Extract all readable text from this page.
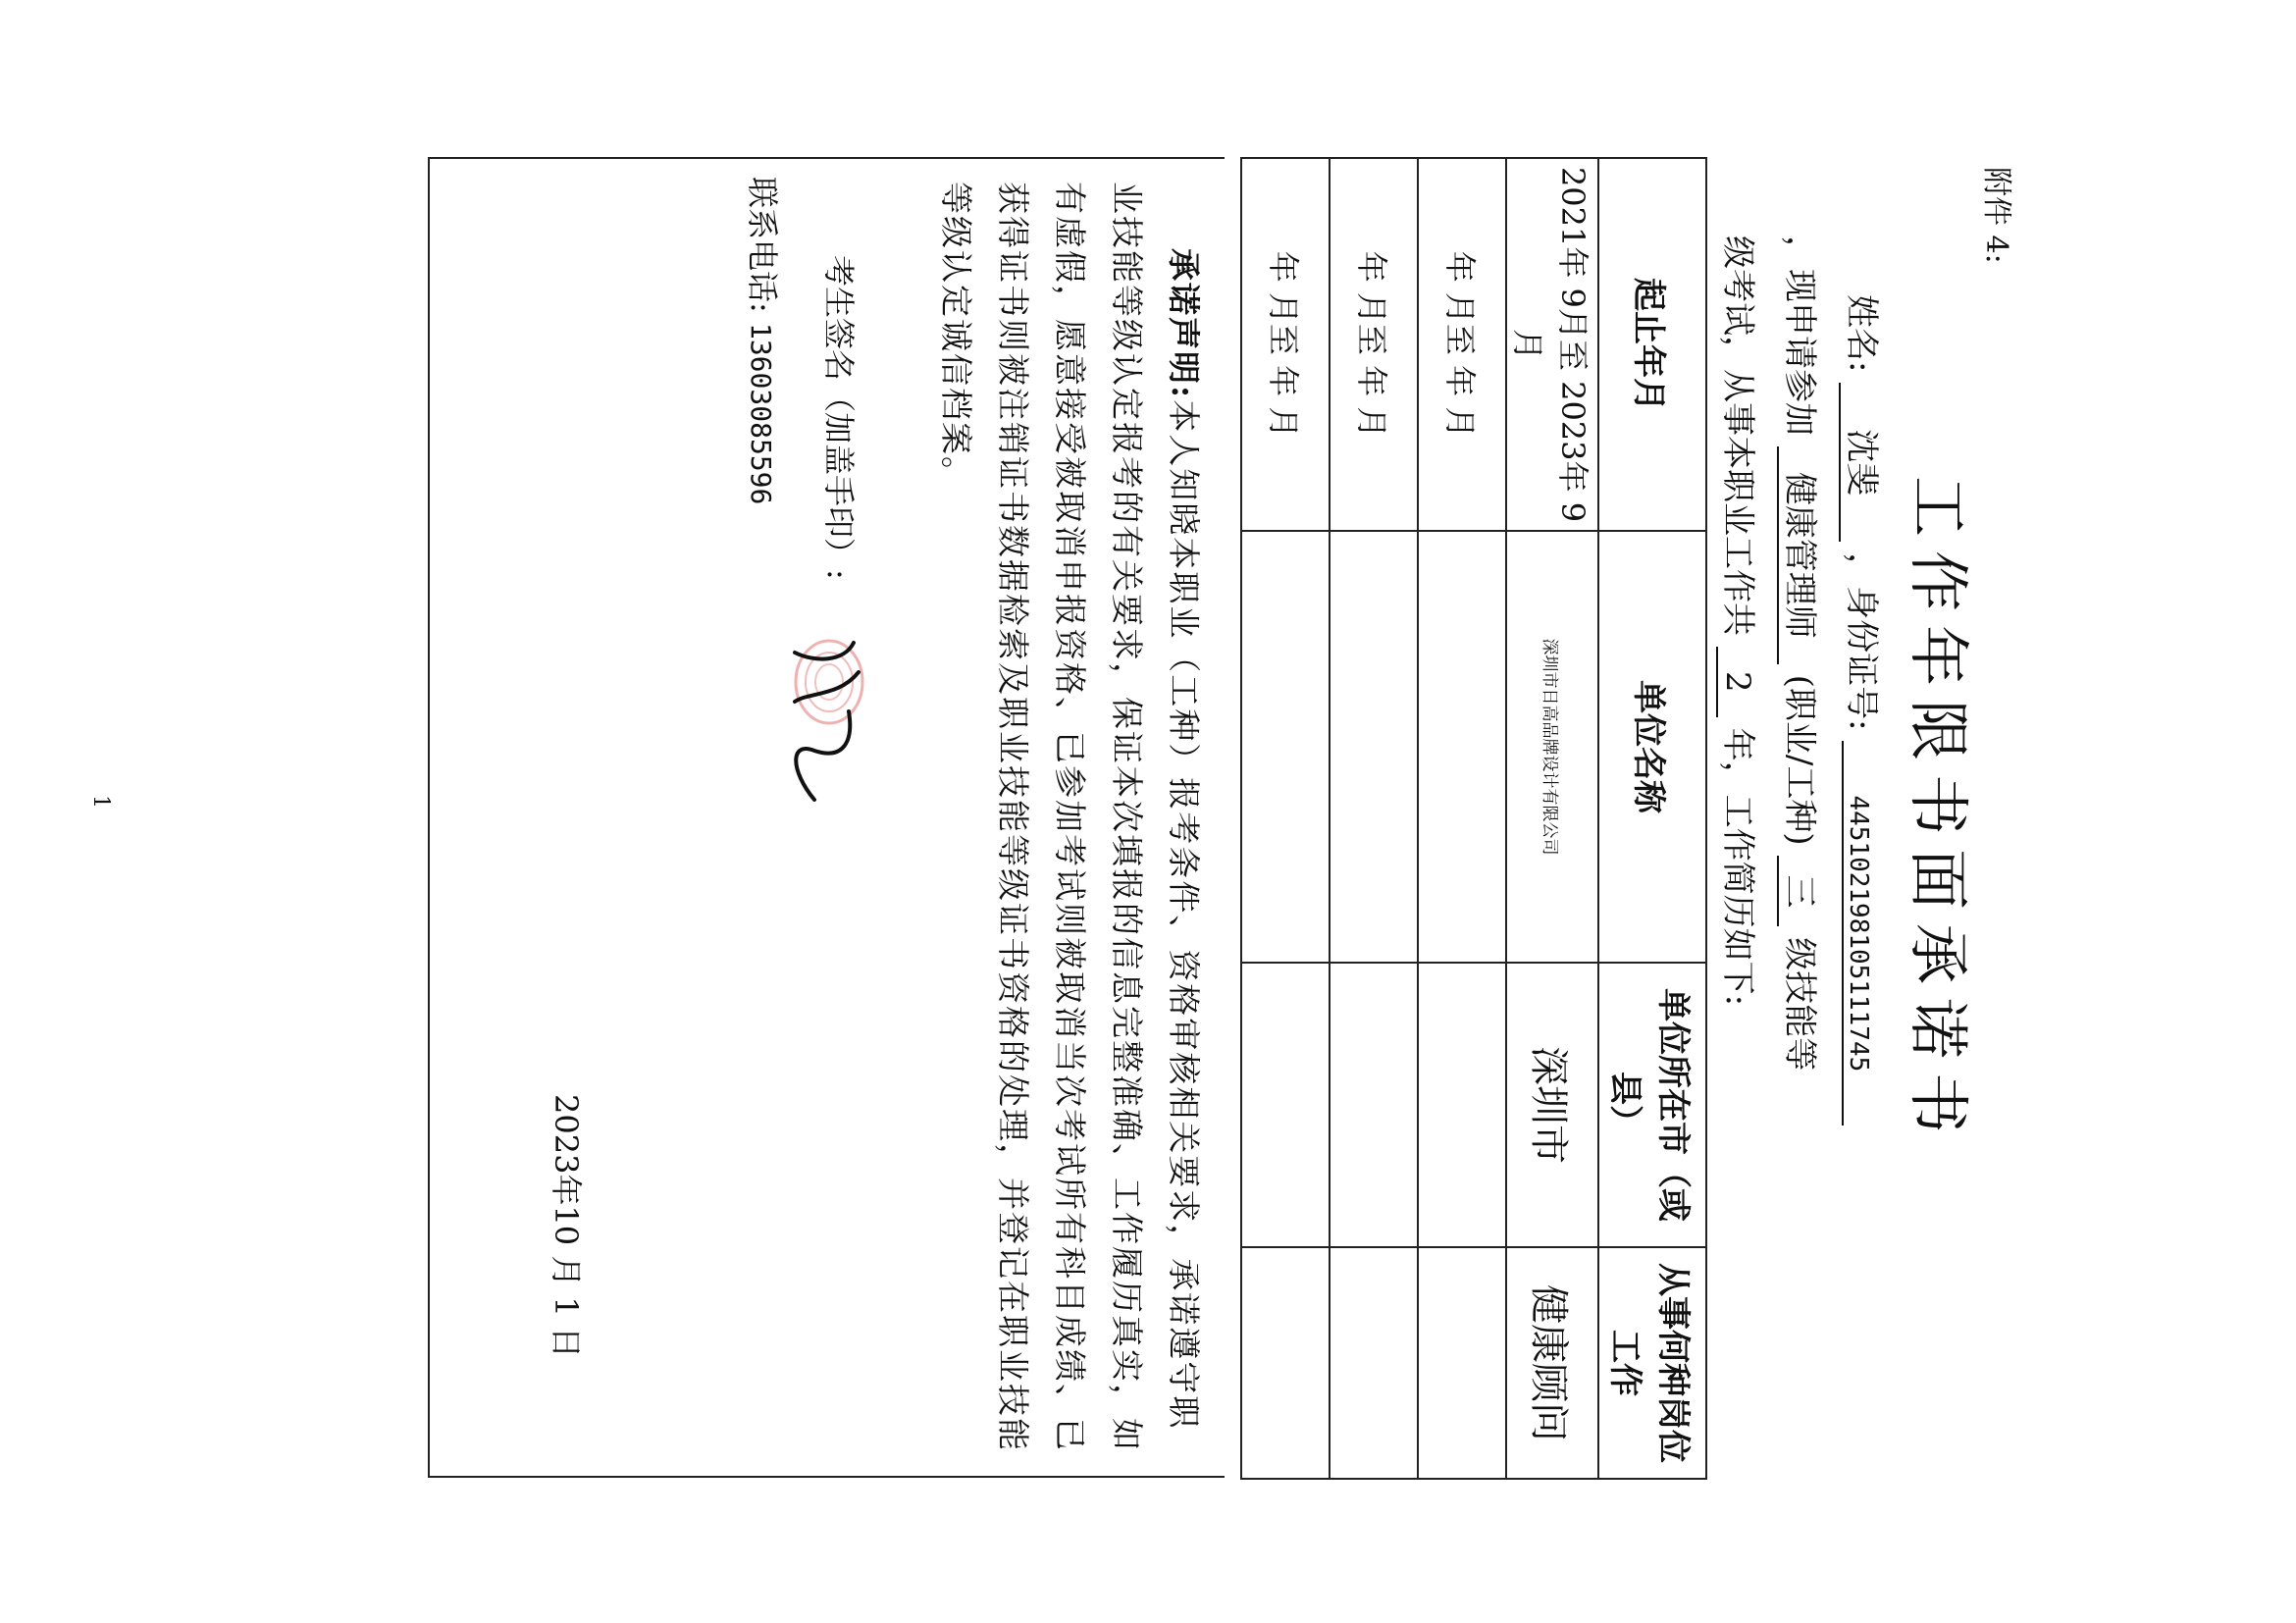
附件 4:
工作年限书面承诺书
姓名: 沈斐 ，身份证号: 445102198105111745
，现申请参加 健康管理师 (职业/工种) 三 级技能等
级考试，从事本职业工作共 2 年，工作简历如下:
起止年月	单位名称	单位所在市（或县）	从事何种岗位工作
2021年 9月至 2023年 9月	深圳市日高品牌设计有限公司	深圳市	健康顾问
年 月至 年 月			
年 月至 年 月			
年 月至 年 月			
承诺声明:本人知晓本职业（工种）报考条件、资格审核相关要求，承诺遵守职业技能等级认定报考的有关要求，保证本次填报的信息完整准确、工作履历真实，如有虚假，愿意接受被取消申报资格、已参加考试则被取消当次考试所有科目成绩、已获得证书则被注销证书数据检索及职业技能等级证书资格的处理，并登记在职业技能等级认定诚信档案。
考生签名（加盖手印）:
联系电话: 13603085596
2023年10 月 1 日
1
